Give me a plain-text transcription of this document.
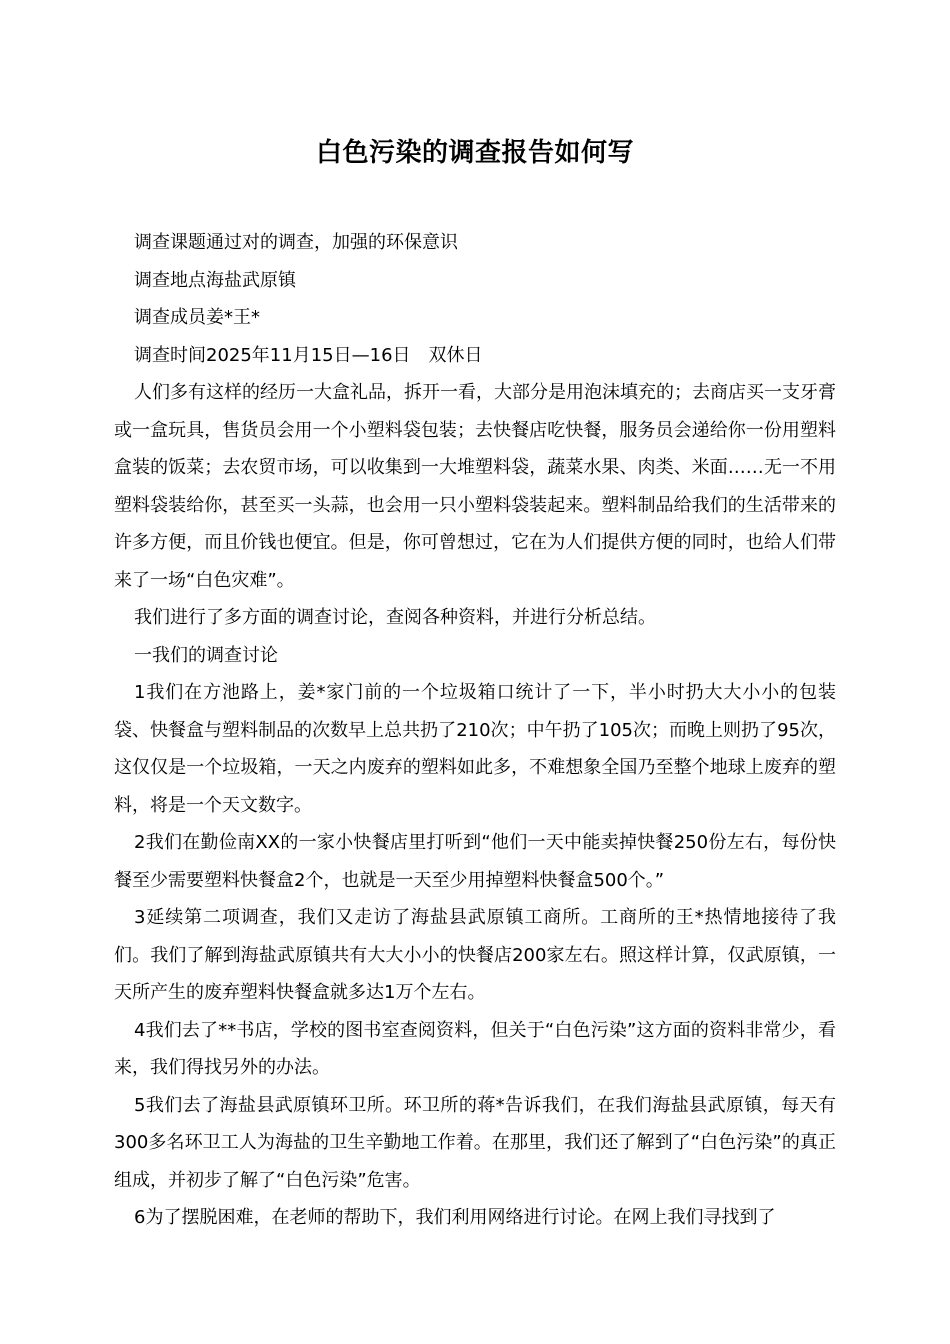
白色污染的调查报告如何写

调查课题通过对的调查，加强的环保意识

调查地点海盐武原镇

调查成员姜*王*

调查时间2025年11月15日—16日　双休日

人们多有这样的经历一大盒礼品，拆开一看，大部分是用泡沫填充的；去商店买一支牙膏或一盒玩具，售货员会用一个小塑料袋包装；去快餐店吃快餐，服务员会递给你一份用塑料盒装的饭菜；去农贸市场，可以收集到一大堆塑料袋，蔬菜水果、肉类、米面……无一不用塑料袋装给你，甚至买一头蒜，也会用一只小塑料袋装起来。塑料制品给我们的生活带来的许多方便，而且价钱也便宜。但是，你可曾想过，它在为人们提供方便的同时，也给人们带来了一场“白色灾难”。

我们进行了多方面的调查讨论，查阅各种资料，并进行分析总结。

一我们的调查讨论

1我们在方池路上，姜*家门前的一个垃圾箱口统计了一下，半小时扔大大小小的包装袋、快餐盒与塑料制品的次数早上总共扔了210次；中午扔了105次；而晚上则扔了95次，这仅仅是一个垃圾箱，一天之内废弃的塑料如此多，不难想象全国乃至整个地球上废弃的塑料，将是一个天文数字。

2我们在勤俭南XX的一家小快餐店里打听到“他们一天中能卖掉快餐250份左右，每份快餐至少需要塑料快餐盒2个，也就是一天至少用掉塑料快餐盒500个。”

3延续第二项调查，我们又走访了海盐县武原镇工商所。工商所的王*热情地接待了我们。我们了解到海盐武原镇共有大大小小的快餐店200家左右。照这样计算，仅武原镇，一天所产生的废弃塑料快餐盒就多达1万个左右。

4我们去了**书店，学校的图书室查阅资料，但关于“白色污染”这方面的资料非常少，看来，我们得找另外的办法。

5我们去了海盐县武原镇环卫所。环卫所的蒋*告诉我们，在我们海盐县武原镇，每天有300多名环卫工人为海盐的卫生辛勤地工作着。在那里，我们还了解到了“白色污染”的真正组成，并初步了解了“白色污染”危害。

6为了摆脱困难，在老师的帮助下，我们利用网络进行讨论。在网上我们寻找到了
